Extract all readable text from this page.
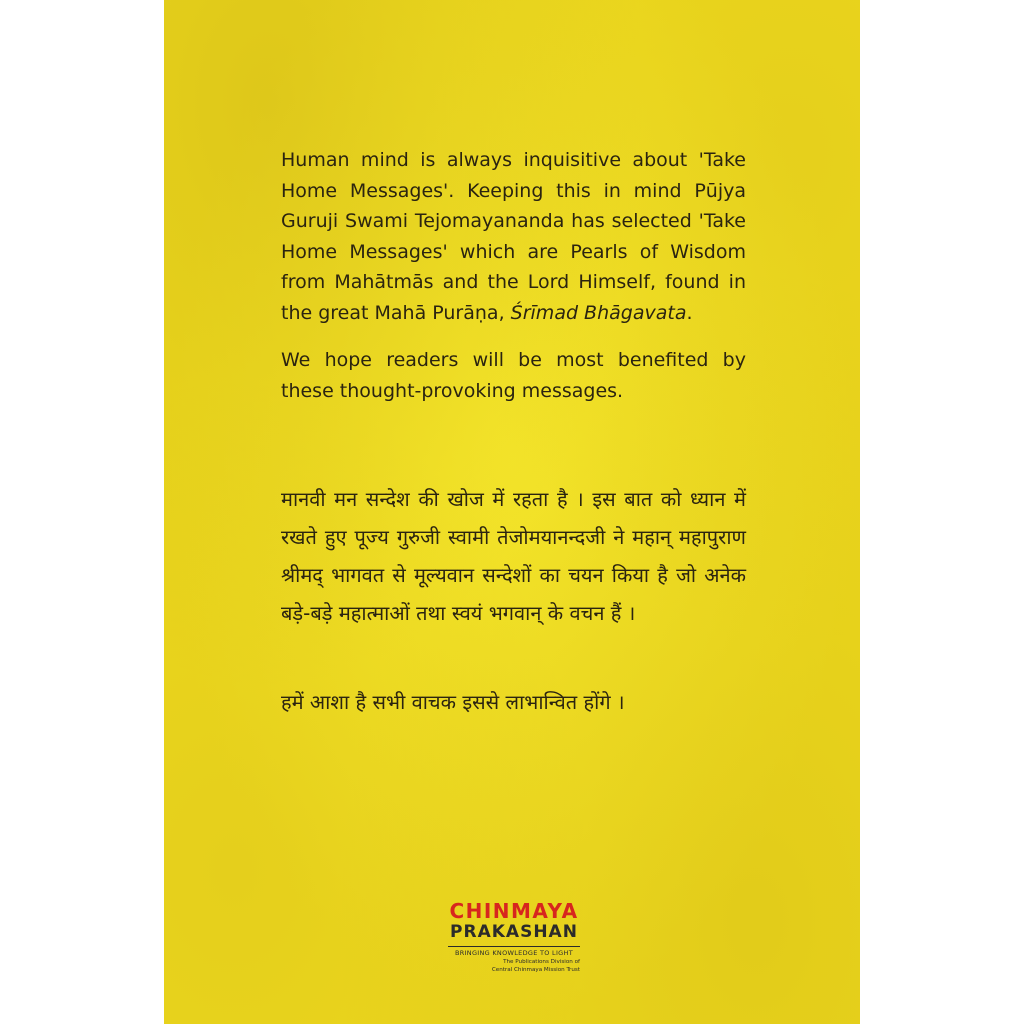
Human mind is always inquisitive about 'Take Home Messages'. Keeping this in mind Pūjya Guruji Swami Tejomayananda has selected 'Take Home Messages' which are Pearls of Wisdom from Mahātmās and the Lord Himself, found in the great Mahā Purāṇa, Śrīmad Bhāgavata.

We hope readers will be most benefited by these thought-provoking messages.

मानवी मन सन्देश की खोज में रहता है । इस बात को ध्यान में रखते हुए पूज्य गुरुजी स्वामी तेजोमयानन्दजी ने महान् महापुराण श्रीमद् भागवत से मूल्यवान सन्देशों का चयन किया है जो अनेक बड़े-बड़े महात्माओं तथा स्वयं भगवान् के वचन हैं ।

हमें आशा है सभी वाचक इससे लाभान्वित होंगे ।

CHINMAYA
PRAKASHAN
BRINGING KNOWLEDGE TO LIGHT
The Publications Division of
Central Chinmaya Mission Trust
